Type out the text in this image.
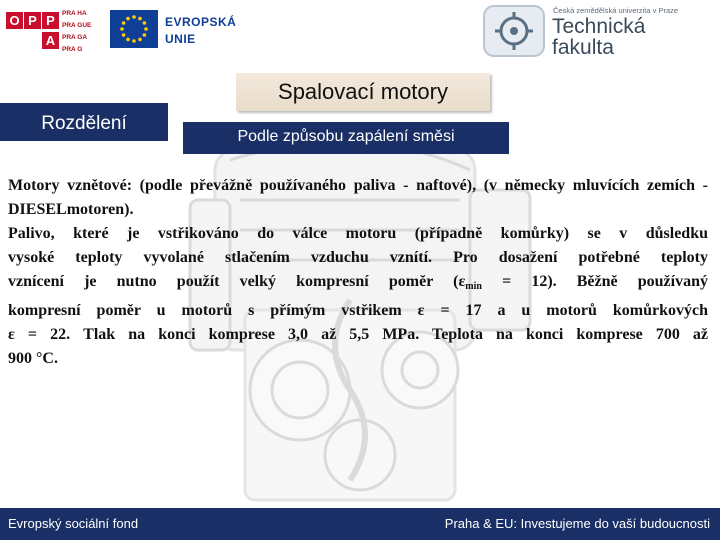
O P P
A
PRA HA
PRA GUE
PRA GA
PRA G
EVROPSKÁ
UNIE
Česká zemědělská univerzita v Praze
Technická
fakulta
Spalovací motory
Rozdělení
Podle způsobu zapálení směsi
Motory vznětové: (podle převážně používaného paliva - naftové), (v německy mluvících zemích - DIESELmotoren).
Palivo, které je vstřikováno do válce motoru (případně komůrky) se v důsledku
vysoké teploty vyvolané stlačením vzduchu vznítí. Pro dosažení potřebné teploty
vznícení je nutno použít velký kompresní poměr $(\varepsilon_{min} = 12)$. Běžně používaný
kompresní poměr u motorů s přímým vstřikem ε = 17 a u motorů komůrkových
ε = 22. Tlak na konci komprese 3,0 až 5,5 MPa. Teplota na konci komprese 700 až
900 °C.
Evropský sociální fond	Praha & EU: Investujeme do vaší budoucnosti
